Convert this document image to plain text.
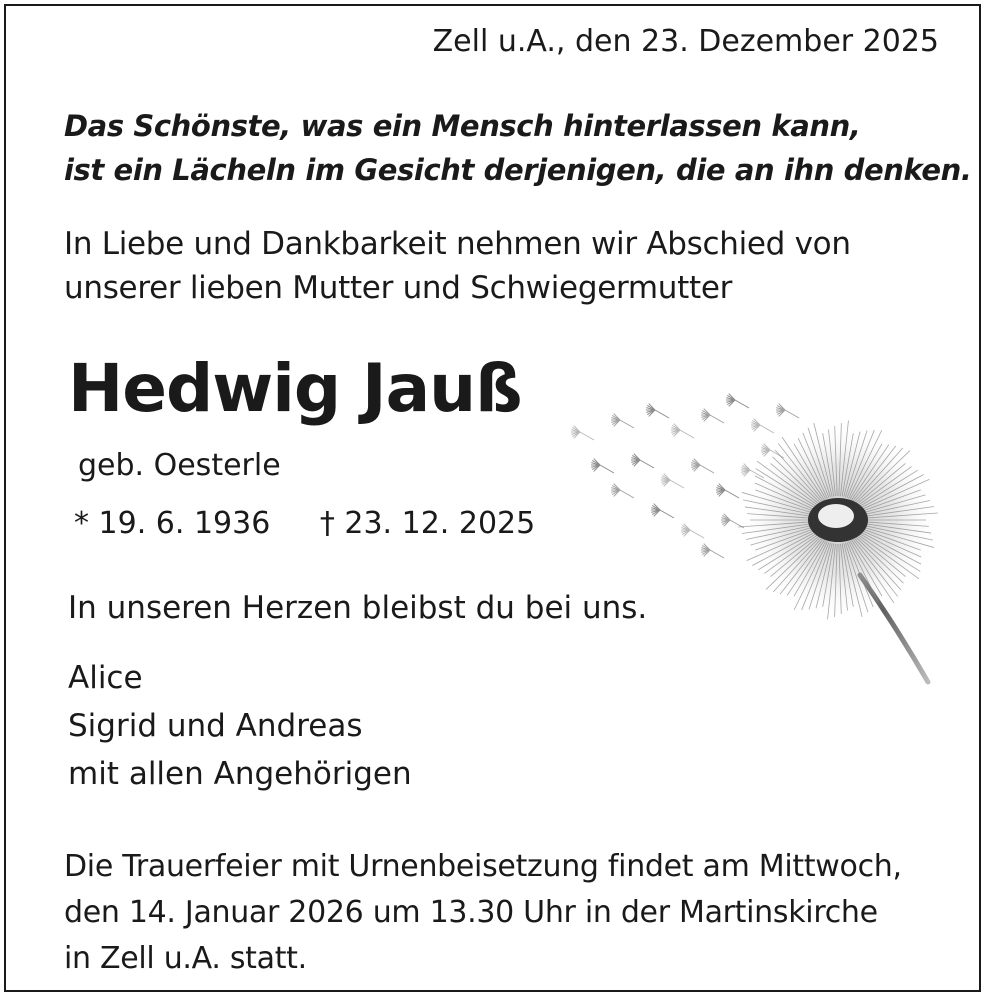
Zell u.A., den 23. Dezember 2025
Das Schönste, was ein Mensch hinterlassen kann,
ist ein Lächeln im Gesicht derjenigen, die an ihn denken.
In Liebe und Dankbarkeit nehmen wir Abschied von
unserer lieben Mutter und Schwiegermutter
Hedwig Jauß
geb. Oesterle
* 19. 6. 1936 † 23. 12. 2025
In unseren Herzen bleibst du bei uns.
Alice
Sigrid und Andreas
mit allen Angehörigen
Die Trauerfeier mit Urnenbeisetzung findet am Mittwoch,
den 14. Januar 2026 um 13.30 Uhr in der Martinskirche
in Zell u.A. statt.
